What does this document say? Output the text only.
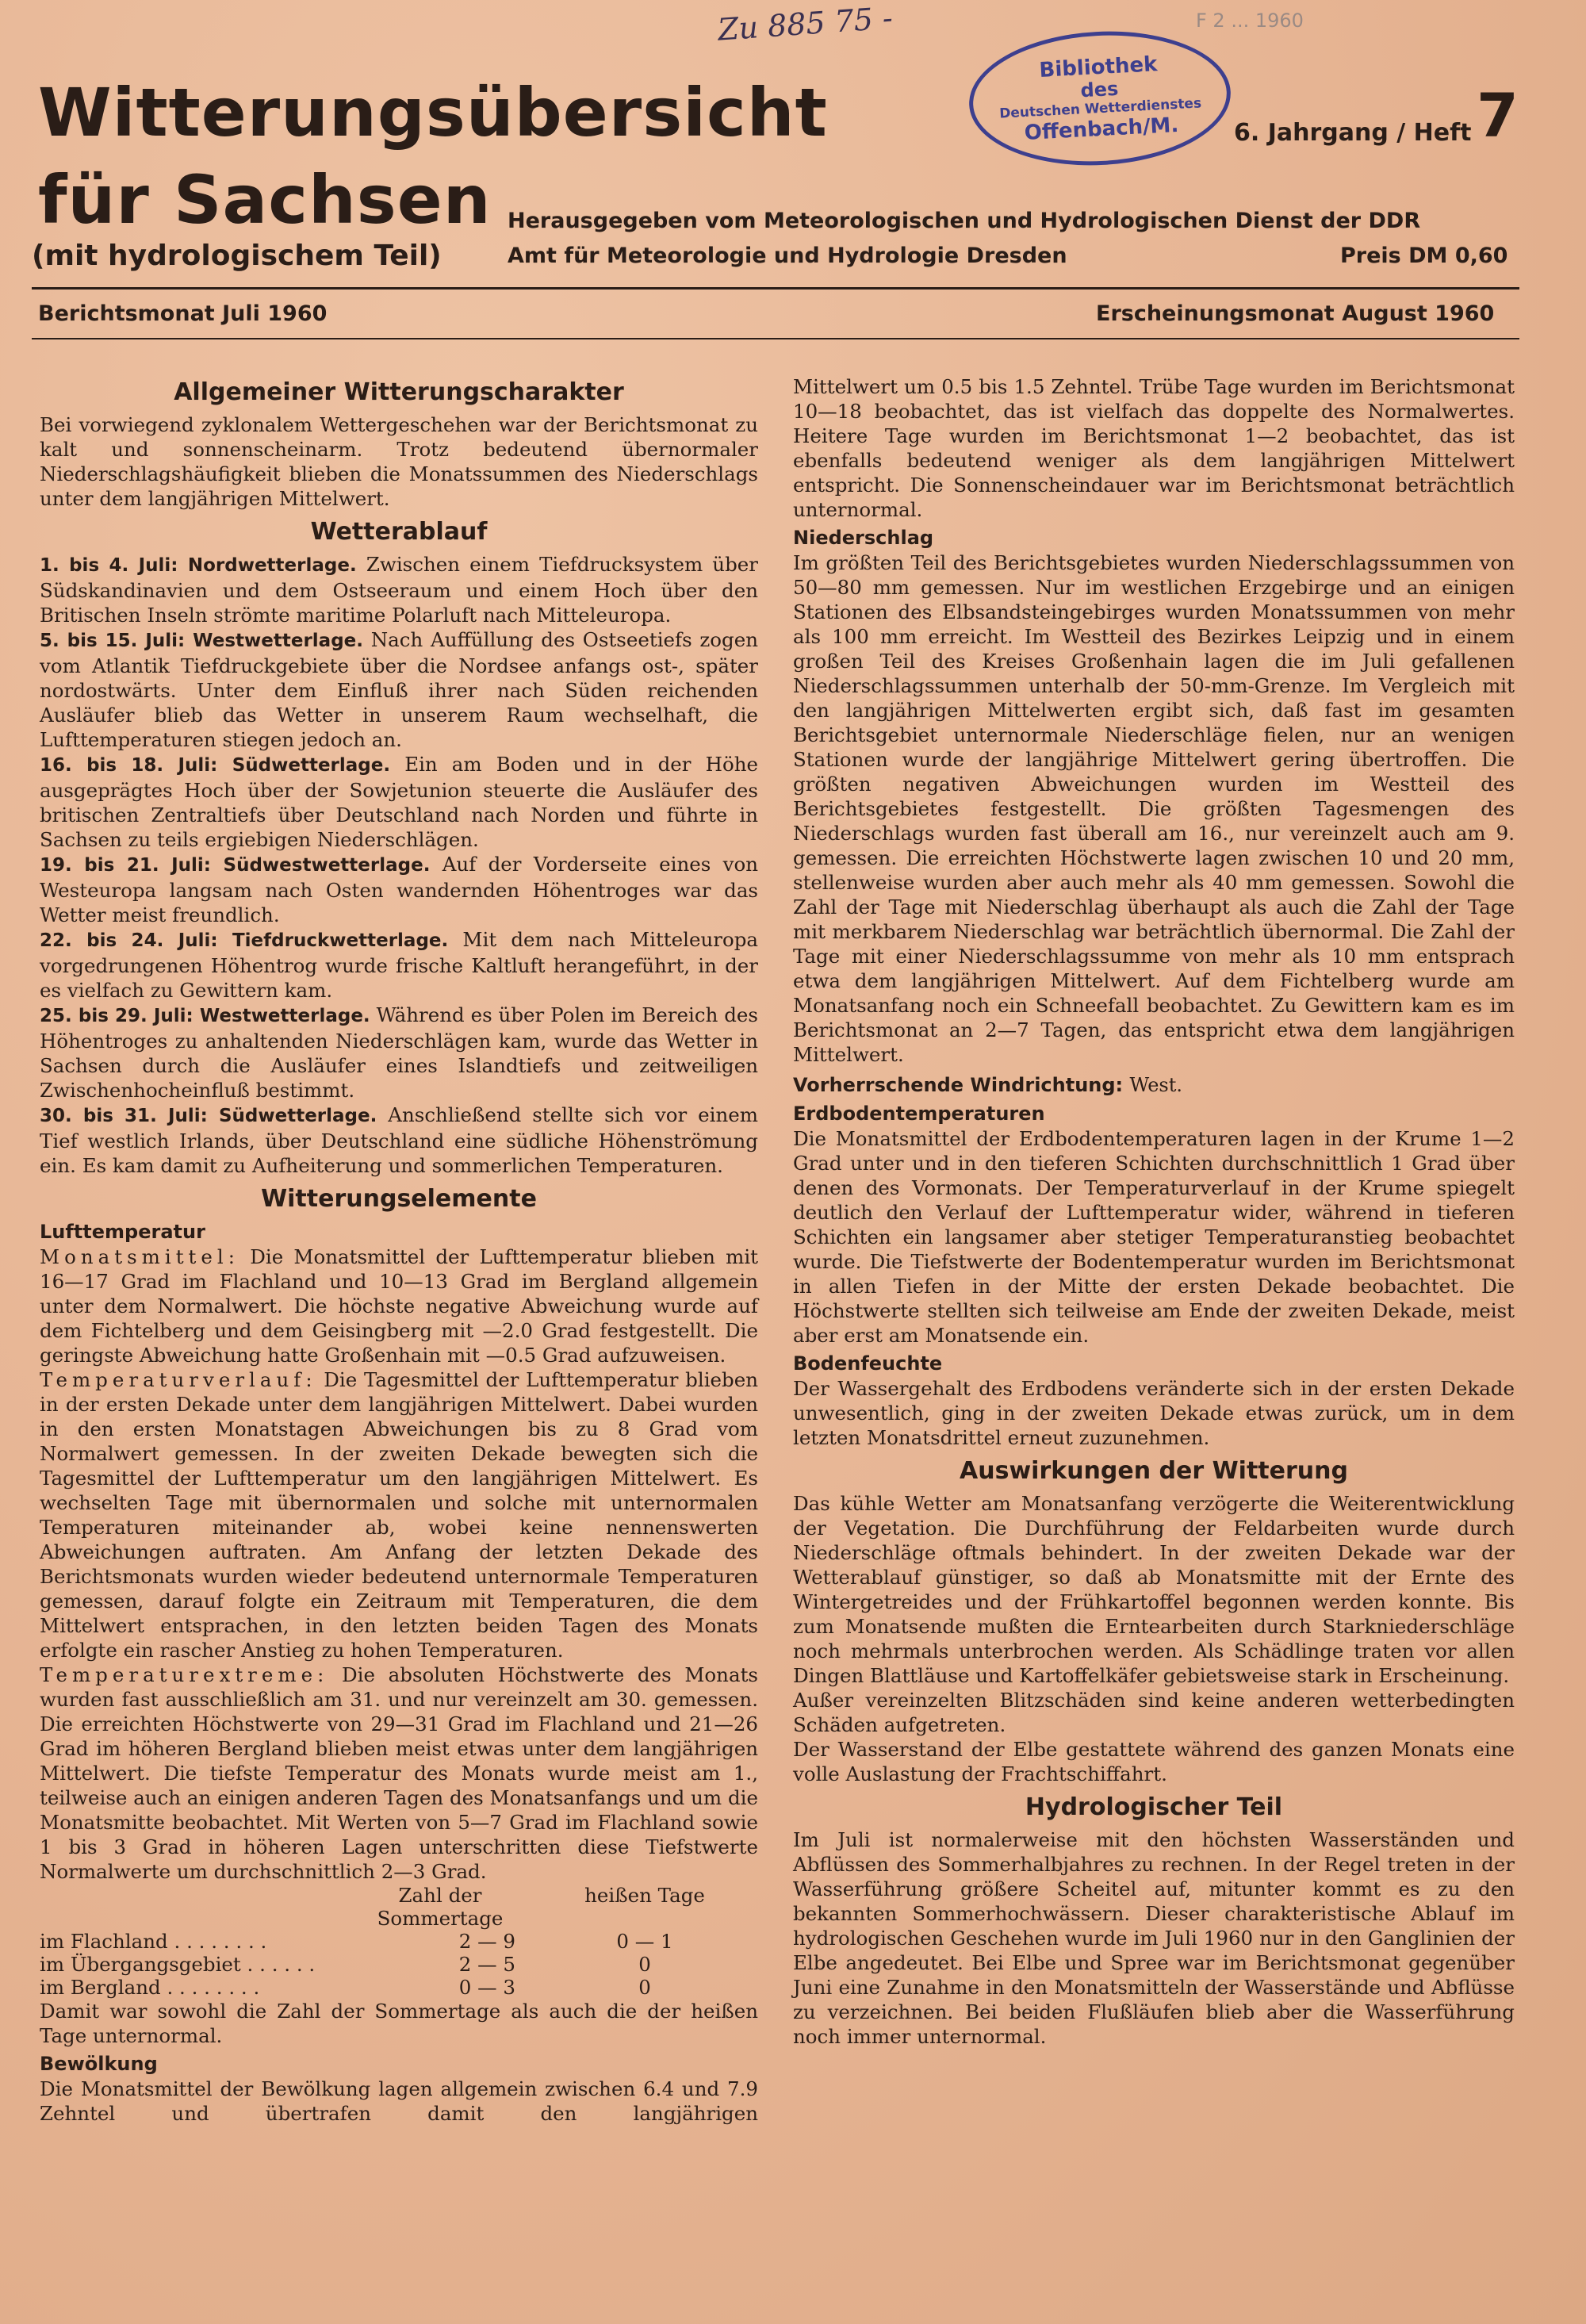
Zu 885 75 -	F 2 ... 1960
Witterungsübersicht
für Sachsen
(mit hydrologischem Teil)
Bibliothek
des
Deutschen Wetterdienstes
Offenbach/M. 6. Jahrgang / Heft 7
Herausgegeben vom Meteorologischen und Hydrologischen Dienst der DDR
Amt für Meteorologie und Hydrologie Dresden	Preis DM 0,60
Berichtsmonat Juli 1960	Erscheinungsmonat August 1960
Allgemeiner Witterungscharakter

Bei vorwiegend zyklonalem Wettergeschehen war der Berichtsmonat zu kalt und sonnenscheinarm. Trotz bedeutend übernormaler Niederschlagshäufigkeit blieben die Monatssummen des Niederschlags unter dem langjährigen Mittelwert.

Wetterablauf

1. bis 4. Juli: Nordwetterlage. Zwischen einem Tiefdrucksystem über Südskandinavien und dem Ostseeraum und einem Hoch über den Britischen Inseln strömte maritime Polarluft nach Mitteleuropa.

5. bis 15. Juli: Westwetterlage. Nach Auffüllung des Ostseetiefs zogen vom Atlantik Tiefdruckgebiete über die Nordsee anfangs ost-, später nordostwärts. Unter dem Einfluß ihrer nach Süden reichenden Ausläufer blieb das Wetter in unserem Raum wechselhaft, die Lufttemperaturen stiegen jedoch an.

16. bis 18. Juli: Südwetterlage. Ein am Boden und in der Höhe ausgeprägtes Hoch über der Sowjetunion steuerte die Ausläufer des britischen Zentraltiefs über Deutschland nach Norden und führte in Sachsen zu teils ergiebigen Niederschlägen.

19. bis 21. Juli: Südwestwetterlage. Auf der Vorderseite eines von Westeuropa langsam nach Osten wandernden Höhentroges war das Wetter meist freundlich.

22. bis 24. Juli: Tiefdruckwetterlage. Mit dem nach Mitteleuropa vorgedrungenen Höhentrog wurde frische Kaltluft herangeführt, in der es vielfach zu Gewittern kam.

25. bis 29. Juli: Westwetterlage. Während es über Polen im Bereich des Höhentroges zu anhaltenden Niederschlägen kam, wurde das Wetter in Sachsen durch die Ausläufer eines Islandtiefs und zeitweiligen Zwischenhocheinfluß bestimmt.

30. bis 31. Juli: Südwetterlage. Anschließend stellte sich vor einem Tief westlich Irlands, über Deutschland eine südliche Höhenströmung ein. Es kam damit zu Aufheiterung und sommerlichen Temperaturen.

Witterungselemente
Lufttemperatur

Monatsmittel: Die Monatsmittel der Lufttemperatur blieben mit 16—17 Grad im Flachland und 10—13 Grad im Bergland allgemein unter dem Normalwert. Die höchste negative Abweichung wurde auf dem Fichtelberg und dem Geisingberg mit —2.0 Grad festgestellt. Die geringste Abweichung hatte Großenhain mit —0.5 Grad aufzuweisen.

Temperaturverlauf: Die Tagesmittel der Lufttemperatur blieben in der ersten Dekade unter dem langjährigen Mittelwert. Dabei wurden in den ersten Monatstagen Abweichungen bis zu 8 Grad vom Normalwert gemessen. In der zweiten Dekade bewegten sich die Tagesmittel der Lufttemperatur um den langjährigen Mittelwert. Es wechselten Tage mit übernormalen und solche mit unternormalen Temperaturen miteinander ab, wobei keine nennenswerten Abweichungen auftraten. Am Anfang der letzten Dekade des Berichtsmonats wurden wieder bedeutend unternormale Temperaturen gemessen, darauf folgte ein Zeitraum mit Temperaturen, die dem Mittelwert entsprachen, in den letzten beiden Tagen des Monats erfolgte ein rascher Anstieg zu hohen Temperaturen.

Temperaturextreme: Die absoluten Höchstwerte des Monats wurden fast ausschließlich am 31. und nur vereinzelt am 30. gemessen. Die erreichten Höchstwerte von 29—31 Grad im Flachland und 21—26 Grad im höheren Bergland blieben meist etwas unter dem langjährigen Mittelwert. Die tiefste Temperatur des Monats wurde meist am 1., teilweise auch an einigen anderen Tagen des Monatsanfangs und um die Monatsmitte beobachtet. Mit Werten von 5—7 Grad im Flachland sowie 1 bis 3 Grad in höheren Lagen unterschritten diese Tiefstwerte Normalwerte um durchschnittlich 2—3 Grad.

	Zahl der Sommertage	heißen Tage
im Flachland . . . . . . . .	2 — 9	0 — 1
im Übergangsgebiet . . . . . .	2 — 5	0
im Bergland . . . . . . . .	0 — 3	0

Damit war sowohl die Zahl der Sommertage als auch die der heißen Tage unternormal.

Bewölkung

Die Monatsmittel der Bewölkung lagen allgemein zwischen 6.4 und 7.9 Zehntel und übertrafen damit den langjährigen

Mittelwert um 0.5 bis 1.5 Zehntel. Trübe Tage wurden im Berichtsmonat 10—18 beobachtet, das ist vielfach das doppelte des Normalwertes. Heitere Tage wurden im Berichtsmonat 1—2 beobachtet, das ist ebenfalls bedeutend weniger als dem langjährigen Mittelwert entspricht. Die Sonnenscheindauer war im Berichtsmonat beträchtlich unternormal.

Niederschlag

Im größten Teil des Berichtsgebietes wurden Niederschlagssummen von 50—80 mm gemessen. Nur im westlichen Erzgebirge und an einigen Stationen des Elbsandsteingebirges wurden Monatssummen von mehr als 100 mm erreicht. Im Westteil des Bezirkes Leipzig und in einem großen Teil des Kreises Großenhain lagen die im Juli gefallenen Niederschlagssummen unterhalb der 50-mm-Grenze. Im Vergleich mit den langjährigen Mittelwerten ergibt sich, daß fast im gesamten Berichtsgebiet unternormale Niederschläge fielen, nur an wenigen Stationen wurde der langjährige Mittelwert gering übertroffen. Die größten negativen Abweichungen wurden im Westteil des Berichtsgebietes festgestellt. Die größten Tagesmengen des Niederschlags wurden fast überall am 16., nur vereinzelt auch am 9. gemessen. Die erreichten Höchstwerte lagen zwischen 10 und 20 mm, stellenweise wurden aber auch mehr als 40 mm gemessen. Sowohl die Zahl der Tage mit Niederschlag überhaupt als auch die Zahl der Tage mit merkbarem Niederschlag war beträchtlich übernormal. Die Zahl der Tage mit einer Niederschlagssumme von mehr als 10 mm entsprach etwa dem langjährigen Mittelwert. Auf dem Fichtelberg wurde am Monatsanfang noch ein Schneefall beobachtet. Zu Gewittern kam es im Berichtsmonat an 2—7 Tagen, das entspricht etwa dem langjährigen Mittelwert.

Vorherrschende Windrichtung: West.

Erdbodentemperaturen

Die Monatsmittel der Erdbodentemperaturen lagen in der Krume 1—2 Grad unter und in den tieferen Schichten durchschnittlich 1 Grad über denen des Vormonats. Der Temperaturverlauf in der Krume spiegelt deutlich den Verlauf der Lufttemperatur wider, während in tieferen Schichten ein langsamer aber stetiger Temperaturanstieg beobachtet wurde. Die Tiefstwerte der Bodentemperatur wurden im Berichtsmonat in allen Tiefen in der Mitte der ersten Dekade beobachtet. Die Höchstwerte stellten sich teilweise am Ende der zweiten Dekade, meist aber erst am Monatsende ein.

Bodenfeuchte

Der Wassergehalt des Erdbodens veränderte sich in der ersten Dekade unwesentlich, ging in der zweiten Dekade etwas zurück, um in dem letzten Monatsdrittel erneut zuzunehmen.

Auswirkungen der Witterung

Das kühle Wetter am Monatsanfang verzögerte die Weiterentwicklung der Vegetation. Die Durchführung der Feldarbeiten wurde durch Niederschläge oftmals behindert. In der zweiten Dekade war der Wetterablauf günstiger, so daß ab Monatsmitte mit der Ernte des Wintergetreides und der Frühkartoffel begonnen werden konnte. Bis zum Monatsende mußten die Erntearbeiten durch Starkniederschläge noch mehrmals unterbrochen werden. Als Schädlinge traten vor allen Dingen Blattläuse und Kartoffelkäfer gebietsweise stark in Erscheinung.

Außer vereinzelten Blitzschäden sind keine anderen wetterbedingten Schäden aufgetreten.

Der Wasserstand der Elbe gestattete während des ganzen Monats eine volle Auslastung der Frachtschiffahrt.

Hydrologischer Teil

Im Juli ist normalerweise mit den höchsten Wasserständen und Abflüssen des Sommerhalbjahres zu rechnen. In der Regel treten in der Wasserführung größere Scheitel auf, mitunter kommt es zu den bekannten Sommerhochwässern. Dieser charakteristische Ablauf im hydrologischen Geschehen wurde im Juli 1960 nur in den Ganglinien der Elbe angedeutet. Bei Elbe und Spree war im Berichtsmonat gegenüber Juni eine Zunahme in den Monatsmitteln der Wasserstände und Abflüsse zu verzeichnen. Bei beiden Flußläufen blieb aber die Wasserführung noch immer unternormal.
